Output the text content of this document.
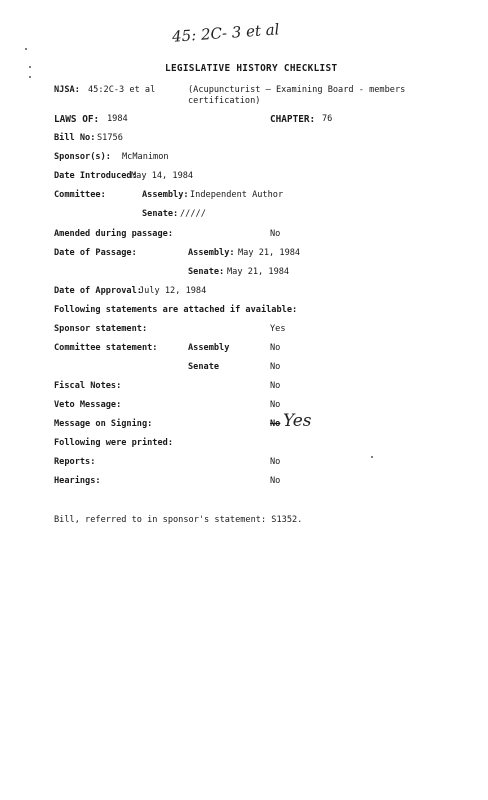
45: 2C- 3 et al
LEGISLATIVE HISTORY CHECKLIST
NJSA: 45:2C-3 et al	(Acupuncturist — Examining Board - members
certification)
LAWS OF: 1984	CHAPTER: 76
Bill No: S1756
Sponsor(s): McManimon
Date Introduced:
May 14, 1984
Committee:	Assembly: Independent Author
Senate: /////
Amended during passage:	No
Date of Passage:	Assembly: May 21, 1984
Senate: May 21, 1984
Date of Approval:
July 12, 1984
Following statements are attached if available:
Sponsor statement:	Yes
Committee statement:	Assembly	No
Senate	No
Fiscal Notes:	No
Veto Message:	No
Message on Signing:	No Yes
Following were printed:
Reports:	No
Hearings:	No
Bill, referred to in sponsor's statement: S1352.
